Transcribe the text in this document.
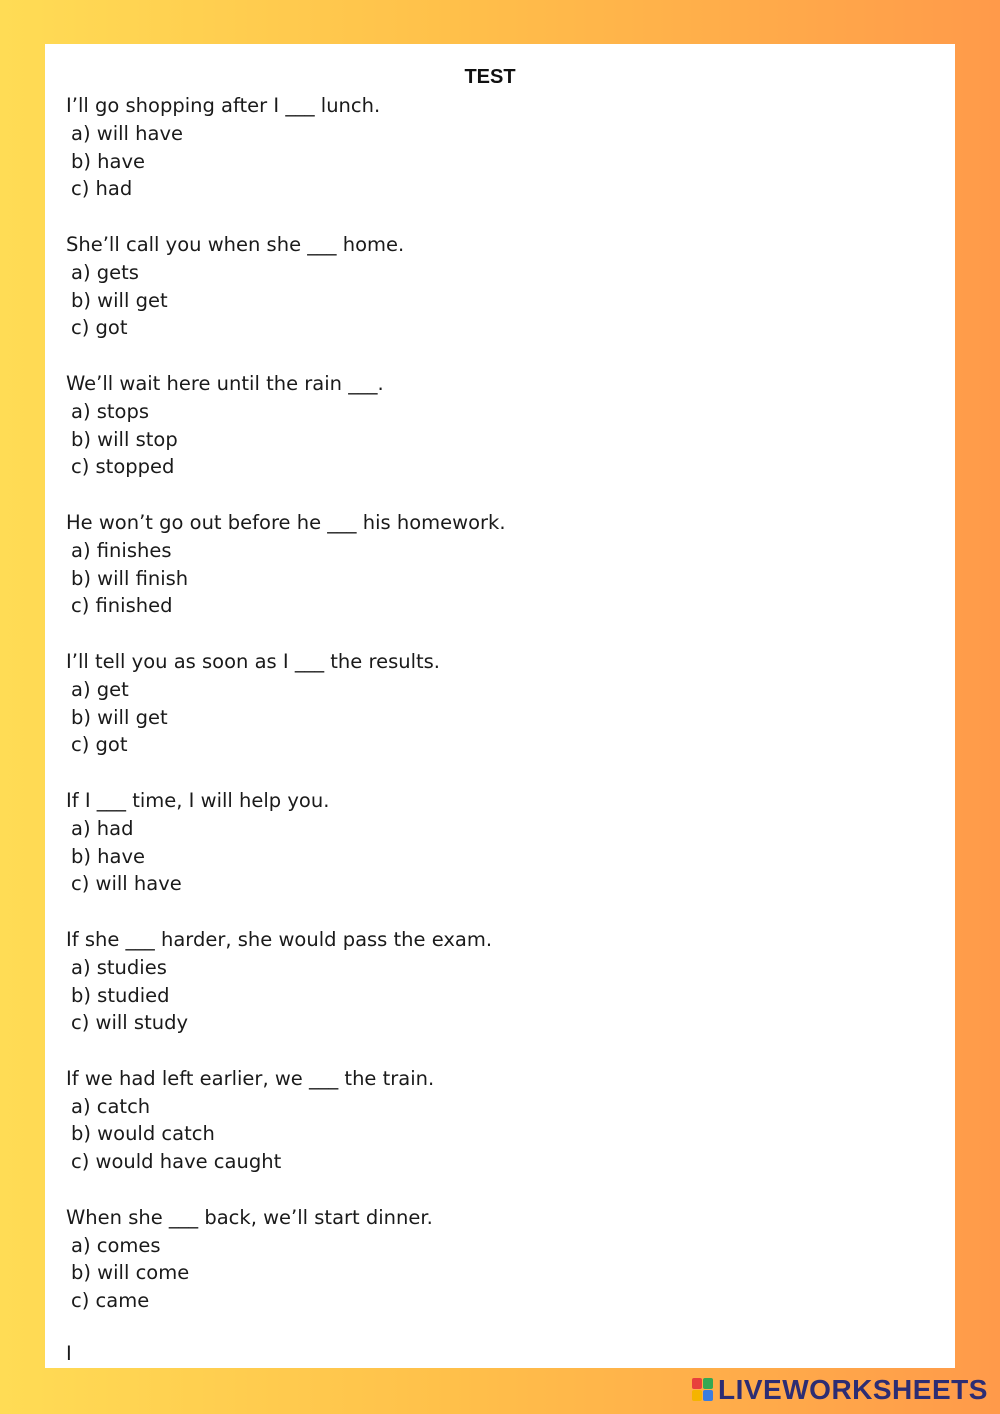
TEST
I’ll go shopping after I ___ lunch.
a) will have
b) have
c) had
She’ll call you when she ___ home.
a) gets
b) will get
c) got
We’ll wait here until the rain ___.
a) stops
b) will stop
c) stopped
He won’t go out before he ___ his homework.
a) finishes
b) will finish
c) finished
I’ll tell you as soon as I ___ the results.
a) get
b) will get
c) got
If I ___ time, I will help you.
a) had
b) have
c) will have
If she ___ harder, she would pass the exam.
a) studies
b) studied
c) will study
If we had left earlier, we ___ the train.
a) catch
b) would catch
c) would have caught
When she ___ back, we’ll start dinner.
a) comes
b) will come
c) came
I
LIVEWORKSHEETS
